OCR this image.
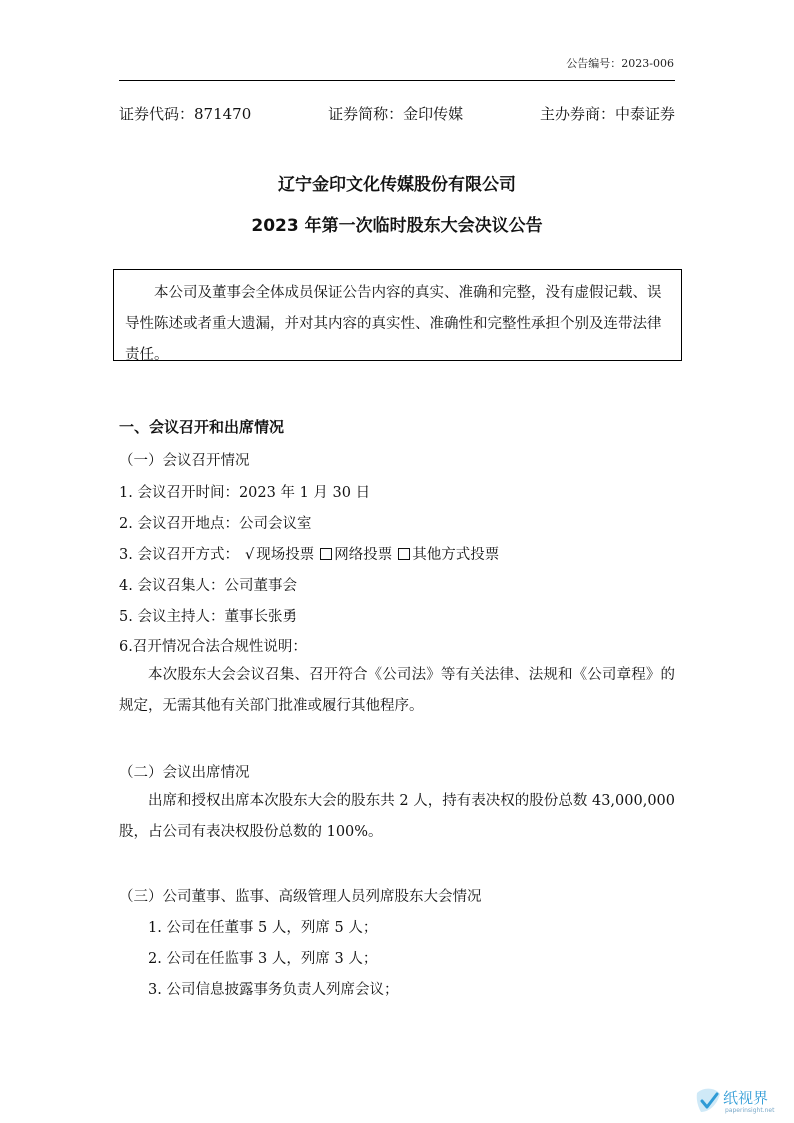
公告编号：2023-006
证券代码：871470	证券简称：金印传媒	主办券商：中泰证券
辽宁金印文化传媒股份有限公司
2023 年第一次临时股东大会决议公告

本公司及董事会全体成员保证公告内容的真实、准确和完整，没有虚假记载、误导性陈述或者重大遗漏，并对其内容的真实性、准确性和完整性承担个别及连带法律责任。

一、会议召开和出席情况
（一）会议召开情况
1. 会议召开时间：2023 年 1 月 30 日
2. 会议召开地点：公司会议室
3. 会议召开方式： √ 现场投票 网络投票 其他方式投票
4. 会议召集人：公司董事会
5. 会议主持人：董事长张勇
6.召开情况合法合规性说明：

本次股东大会会议召集、召开符合《公司法》等有关法律、法规和《公司章程》的规定，无需其他有关部门批准或履行其他程序。

（二）会议出席情况

出席和授权出席本次股东大会的股东共 2 人，持有表决权的股份总数 43,000,000 股，占公司有表决权股份总数的 100%。

（三）公司董事、监事、高级管理人员列席股东大会情况
1. 公司在任董事 5 人，列席 5 人；
2. 公司在任监事 3 人，列席 3 人；
3. 公司信息披露事务负责人列席会议；
纸视界
paperinsight.net
